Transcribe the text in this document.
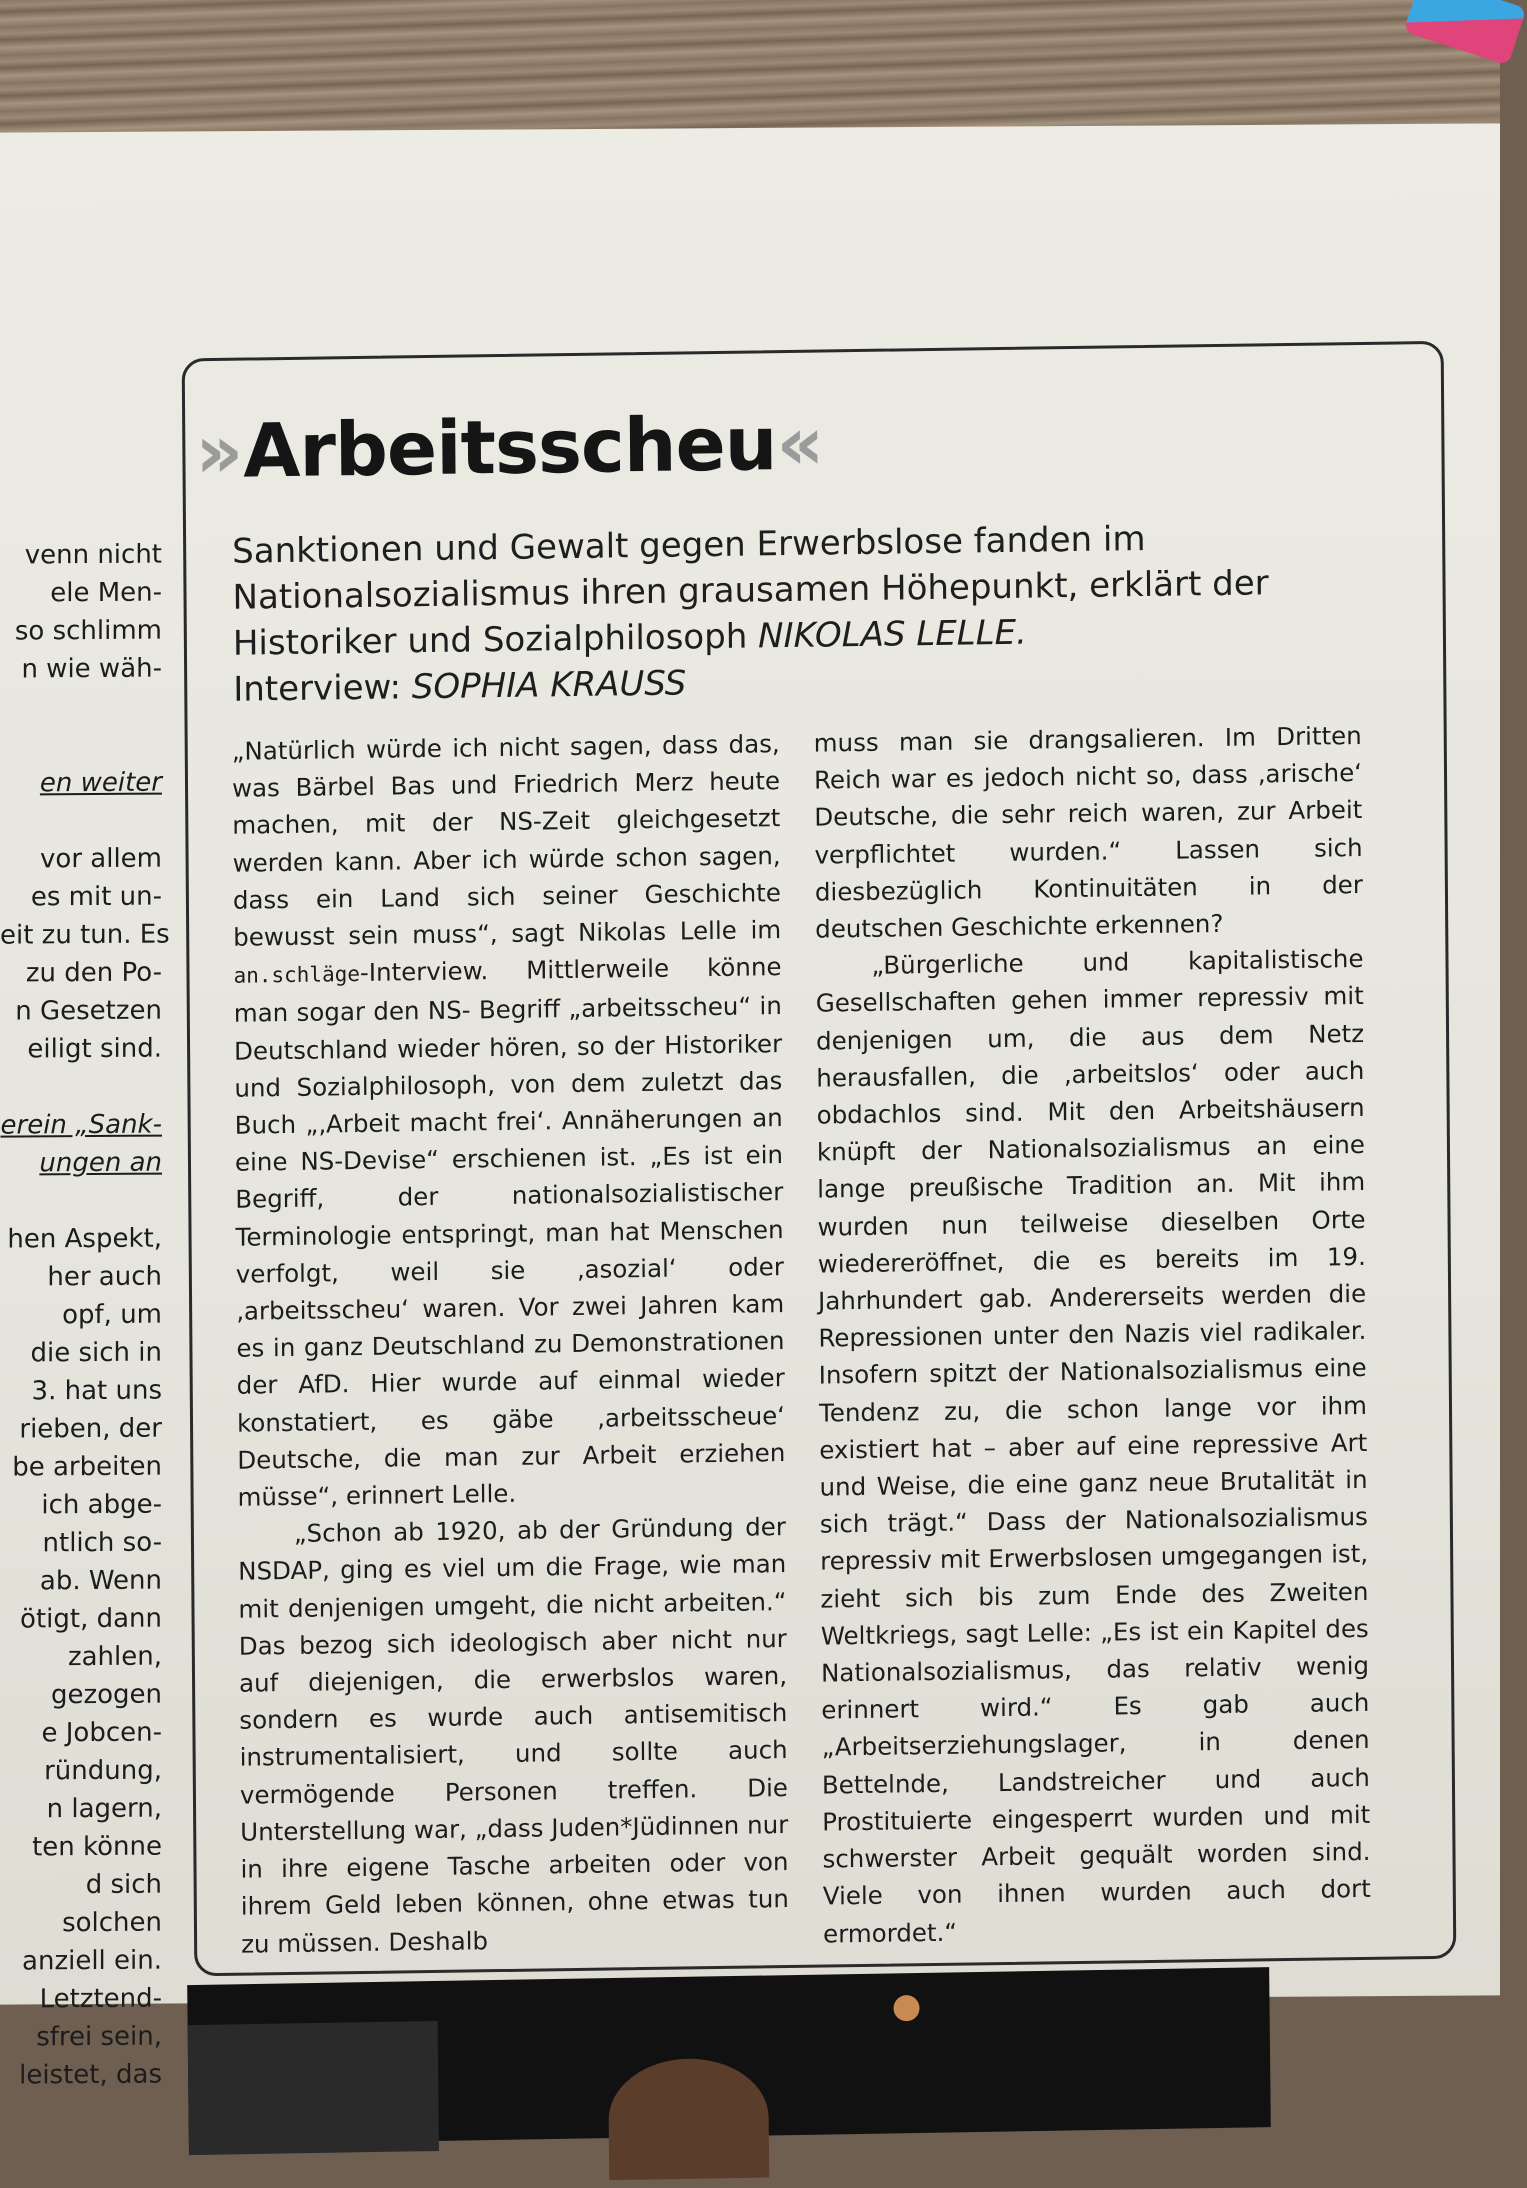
venn nicht
ele Men-
so schlimm
n wie wäh-
en weiter
vor allem
es mit un-
eit zu tun. Es
zu den Po-
n Gesetzen
eiligt sind.
erein „Sank-
ungen an
hen Aspekt,
her auch
opf, um
die sich in
3. hat uns
rieben, der
be arbeiten
ich abge-
ntlich so-
ab. Wenn
ötigt, dann
zahlen,
gezogen
e Jobcen-
ründung,
n lagern,
ten könne
d sich
solchen
anziell ein.
Letztend-
sfrei sein,
leistet, das
» Arbeitsscheu «
Sanktionen und Gewalt gegen Erwerbslose fanden im Nationalsozialismus ihren grausamen Höhepunkt, erklärt der Historiker und Sozialphilosoph NIKOLAS LELLE.
Interview: SOPHIA KRAUSS

„Natürlich würde ich nicht sagen, dass das, was Bärbel Bas und Friedrich Merz heute machen, mit der NS-Zeit gleichgesetzt werden kann. Aber ich würde schon sagen, dass ein Land sich seiner Geschichte bewusst sein muss“, sagt Nikolas Lelle im an.schläge-Interview. Mittlerweile könne man sogar den NS- Begriff „arbeitsscheu“ in Deutschland wieder hören, so der Historiker und Sozialphilosoph, von dem zuletzt das Buch „‚Arbeit macht frei‘. Annäherungen an eine NS-Devise“ erschienen ist. „Es ist ein Begriff, der nationalsozialistischer Terminologie entspringt, man hat Menschen verfolgt, weil sie ‚asozial‘ oder ‚arbeitsscheu‘ waren. Vor zwei Jahren kam es in ganz Deutschland zu Demonstrationen der AfD. Hier wurde auf einmal wieder konstatiert, es gäbe ‚arbeitsscheue‘ Deutsche, die man zur Arbeit erziehen müsse“, erinnert Lelle.

„Schon ab 1920, ab der Gründung der NSDAP, ging es viel um die Frage, wie man mit denjenigen umgeht, die nicht arbeiten.“ Das bezog sich ideologisch aber nicht nur auf diejenigen, die erwerbslos waren, sondern es wurde auch antisemitisch instrumentalisiert, und sollte auch vermögende Personen treffen. Die Unterstellung war, „dass Juden*Jüdinnen nur in ihre eigene Tasche arbeiten oder von ihrem Geld leben können, ohne etwas tun zu müssen. Deshalb

muss man sie drangsalieren. Im Dritten Reich war es jedoch nicht so, dass ‚arische‘ Deutsche, die sehr reich waren, zur Arbeit verpflichtet wurden.“ Lassen sich diesbezüglich Kontinuitäten in der deutschen Geschichte erkennen?

„Bürgerliche und kapitalistische Gesellschaften gehen immer repressiv mit denjenigen um, die aus dem Netz herausfallen, die ‚arbeitslos‘ oder auch obdachlos sind. Mit den Arbeitshäusern knüpft der Nationalsozialismus an eine lange preußische Tradition an. Mit ihm wurden nun teilweise dieselben Orte wiedereröffnet, die es bereits im 19. Jahrhundert gab. Andererseits werden die Repressionen unter den Nazis viel radikaler. Insofern spitzt der Nationalsozialismus eine Tendenz zu, die schon lange vor ihm existiert hat – aber auf eine repressive Art und Weise, die eine ganz neue Brutalität in sich trägt.“ Dass der Nationalsozialismus repressiv mit Erwerbslosen umgegangen ist, zieht sich bis zum Ende des Zweiten Weltkriegs, sagt Lelle: „Es ist ein Kapitel des Nationalsozialismus, das relativ wenig erinnert wird.“ Es gab auch „Arbeitserziehungslager, in denen Bettelnde, Landstreicher und auch Prostituierte eingesperrt wurden und mit schwerster Arbeit gequält worden sind. Viele von ihnen wurden auch dort ermordet.“
